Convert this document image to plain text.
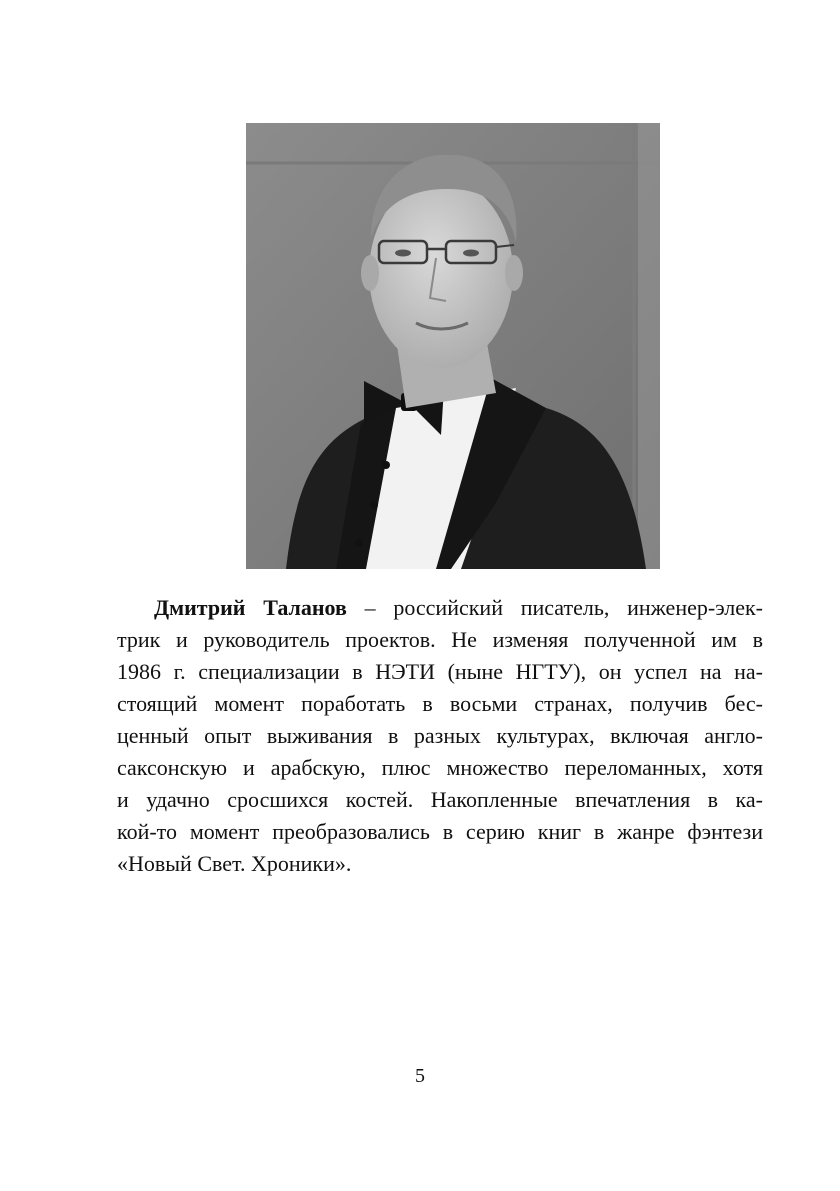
Дмитрий Таланов – российский писатель, инженер-элек-
трик и руководитель проектов. Не изменяя полученной им в
1986 г. специализации в НЭТИ (ныне НГТУ), он успел на на-
стоящий момент поработать в восьми странах, получив бес-
ценный опыт выживания в разных культурах, включая англо-
саксонскую и арабскую, плюс множество переломанных, хотя
и удачно сросшихся костей. Накопленные впечатления в ка-
кой-то момент преобразовались в серию книг в жанре фэнтези
«Новый Свет. Хроники».

5
